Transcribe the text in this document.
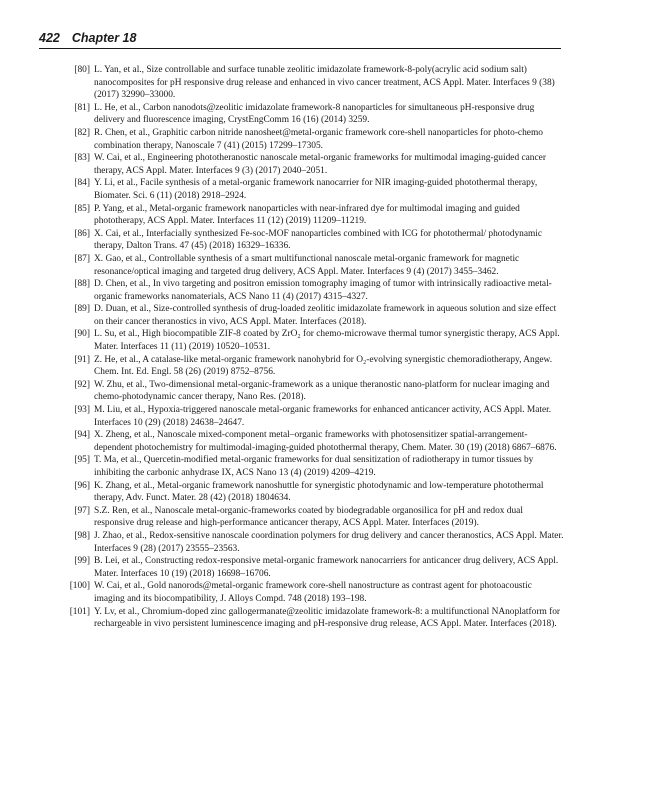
422 Chapter 18
[80] L. Yan, et al., Size controllable and surface tunable zeolitic imidazolate framework-8-poly(acrylic acid sodium salt) nanocomposites for pH responsive drug release and enhanced in vivo cancer treatment, ACS Appl. Mater. Interfaces 9 (38) (2017) 32990–33000.
[81] L. He, et al., Carbon nanodots@zeolitic imidazolate framework-8 nanoparticles for simultaneous pH-responsive drug delivery and fluorescence imaging, CrystEngComm 16 (16) (2014) 3259.
[82] R. Chen, et al., Graphitic carbon nitride nanosheet@metal-organic framework core-shell nanoparticles for photo-chemo combination therapy, Nanoscale 7 (41) (2015) 17299–17305.
[83] W. Cai, et al., Engineering phototheranostic nanoscale metal-organic frameworks for multimodal imaging-guided cancer therapy, ACS Appl. Mater. Interfaces 9 (3) (2017) 2040–2051.
[84] Y. Li, et al., Facile synthesis of a metal-organic framework nanocarrier for NIR imaging-guided photothermal therapy, Biomater. Sci. 6 (11) (2018) 2918–2924.
[85] P. Yang, et al., Metal-organic framework nanoparticles with near-infrared dye for multimodal imaging and guided phototherapy, ACS Appl. Mater. Interfaces 11 (12) (2019) 11209–11219.
[86] X. Cai, et al., Interfacially synthesized Fe-soc-MOF nanoparticles combined with ICG for photothermal/ photodynamic therapy, Dalton Trans. 47 (45) (2018) 16329–16336.
[87] X. Gao, et al., Controllable synthesis of a smart multifunctional nanoscale metal-organic framework for magnetic resonance/optical imaging and targeted drug delivery, ACS Appl. Mater. Interfaces 9 (4) (2017) 3455–3462.
[88] D. Chen, et al., In vivo targeting and positron emission tomography imaging of tumor with intrinsically radioactive metal-organic frameworks nanomaterials, ACS Nano 11 (4) (2017) 4315–4327.
[89] D. Duan, et al., Size-controlled synthesis of drug-loaded zeolitic imidazolate framework in aqueous solution and size effect on their cancer theranostics in vivo, ACS Appl. Mater. Interfaces (2018).
[90] L. Su, et al., High biocompatible ZIF-8 coated by ZrO₂ for chemo-microwave thermal tumor synergistic therapy, ACS Appl. Mater. Interfaces 11 (11) (2019) 10520–10531.
[91] Z. He, et al., A catalase-like metal-organic framework nanohybrid for O₂-evolving synergistic chemoradiotherapy, Angew. Chem. Int. Ed. Engl. 58 (26) (2019) 8752–8756.
[92] W. Zhu, et al., Two-dimensional metal-organic-framework as a unique theranostic nano-platform for nuclear imaging and chemo-photodynamic cancer therapy, Nano Res. (2018).
[93] M. Liu, et al., Hypoxia-triggered nanoscale metal-organic frameworks for enhanced anticancer activity, ACS Appl. Mater. Interfaces 10 (29) (2018) 24638–24647.
[94] X. Zheng, et al., Nanoscale mixed-component metal–organic frameworks with photosensitizer spatial-arrangement-dependent photochemistry for multimodal-imaging-guided photothermal therapy, Chem. Mater. 30 (19) (2018) 6867–6876.
[95] T. Ma, et al., Quercetin-modified metal-organic frameworks for dual sensitization of radiotherapy in tumor tissues by inhibiting the carbonic anhydrase IX, ACS Nano 13 (4) (2019) 4209–4219.
[96] K. Zhang, et al., Metal-organic framework nanoshuttle for synergistic photodynamic and low-temperature photothermal therapy, Adv. Funct. Mater. 28 (42) (2018) 1804634.
[97] S.Z. Ren, et al., Nanoscale metal-organic-frameworks coated by biodegradable organosilica for pH and redox dual responsive drug release and high-performance anticancer therapy, ACS Appl. Mater. Interfaces (2019).
[98] J. Zhao, et al., Redox-sensitive nanoscale coordination polymers for drug delivery and cancer theranostics, ACS Appl. Mater. Interfaces 9 (28) (2017) 23555–23563.
[99] B. Lei, et al., Constructing redox-responsive metal-organic framework nanocarriers for anticancer drug delivery, ACS Appl. Mater. Interfaces 10 (19) (2018) 16698–16706.
[100] W. Cai, et al., Gold nanorods@metal-organic framework core-shell nanostructure as contrast agent for photoacoustic imaging and its biocompatibility, J. Alloys Compd. 748 (2018) 193–198.
[101] Y. Lv, et al., Chromium-doped zinc gallogermanate@zeolitic imidazolate framework-8: a multifunctional NAnoplatform for rechargeable in vivo persistent luminescence imaging and pH-responsive drug release, ACS Appl. Mater. Interfaces (2018).
